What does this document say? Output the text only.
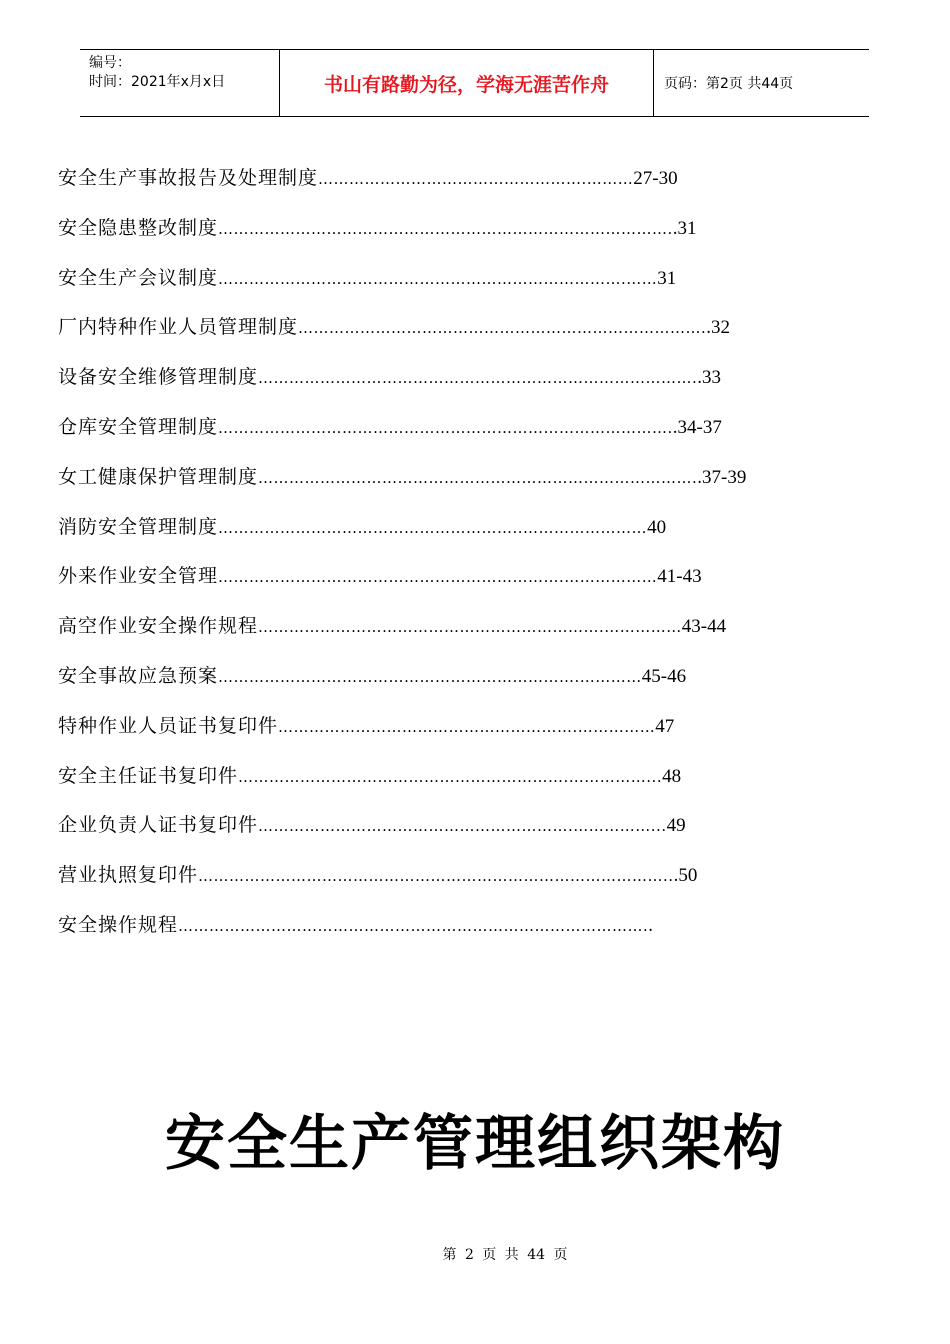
编号：
时间：2021年x月x日	书山有路勤为径，学海无涯苦作舟	页码：第2页 共44页
安全生产事故报告及处理制度 …………………………………………….……… 27-30
安全隐患整改制度 ……………………………………………………………………………. .31
安全生产会议制度 …………………………………………………………………….…… 31
厂内特种作业人员管理制度 ……………………………………………………………………. .32
设备安全维修管理制度 …………………………………………………………………………. .33
仓库安全管理制度 ……………………………………………………………………………. .34-37
女工健康保护管理制度 …………………………………………………………………………. .37-39
消防安全管理制度 …………………………………………………..…………………… 40
外来作业安全管理 ………………………………………………………….……………… 41-43
高空作业安全操作规程 ………………………………………………………….…………… 43-44
安全事故应急预案 …………………………………………………………….………… 45-46
特种作业人员证书复印件 ………………………………………………….…………… 47
安全主任证书复印件 ……………………………………………………….……………... 48
企业负责人证书复印件 …………………………………………………….……………... 49
营业执照复印件 ……………………………………………………………………………….. .50
安全操作规程 ………………………………………………………………………………. .
安全生产管理组织架构
第 2 页 共 44 页
